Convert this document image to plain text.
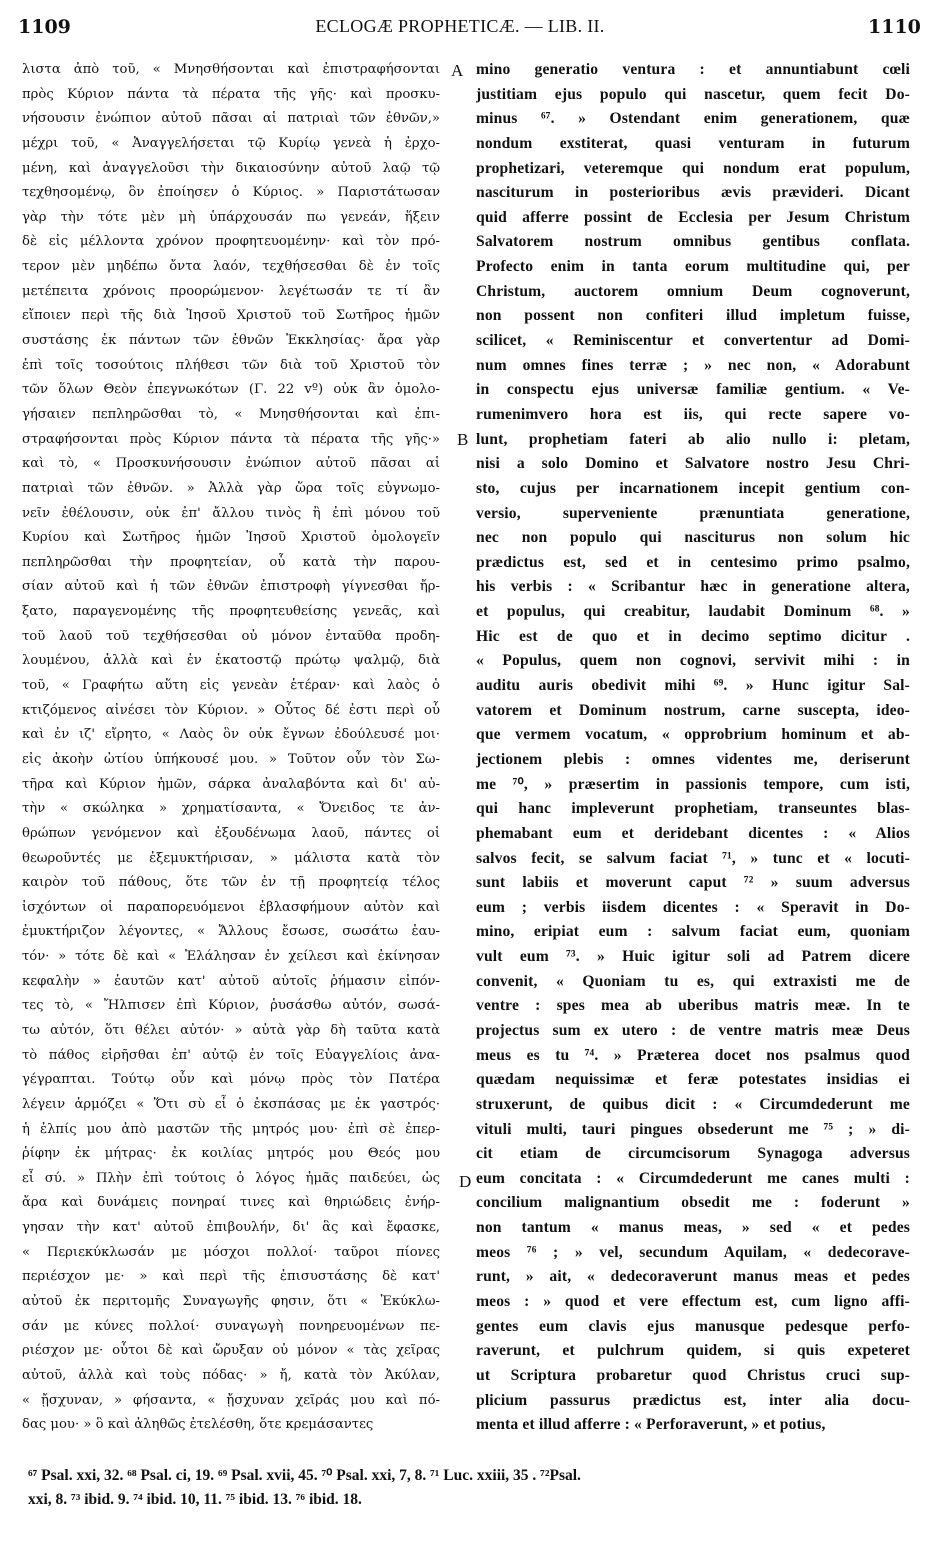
1109	ECLOGÆ PROPHETICÆ. — LIB. II.	1110
λιστα ἀπὸ τοῦ, « Μνησθήσονται καὶ ἐπιστραφήσονται
πρὸς Κύριον πάντα τὰ πέρατα τῆς γῆς· καὶ προσκυ-
νήσουσιν ἐνώπιον αὐτοῦ πᾶσαι αἱ πατριαὶ τῶν ἐθνῶν,»
μέχρι τοῦ, « Ἀναγγελήσεται τῷ Κυρίῳ γενεὰ ἡ ἐρχο-
μένη, καὶ ἀναγγελοῦσι τὴν δικαιοσύνην αὐτοῦ λαῷ τῷ
τεχθησομένῳ, ὃν ἐποίησεν ὁ Κύριος. » Παριστάτωσαν
γὰρ τὴν τότε μὲν μὴ ὑπάρχουσάν πω γενεάν, ἥξειν
δὲ εἰς μέλλοντα χρόνον προφητευομένην· καὶ τὸν πρό-
τερον μὲν μηδέπω ὄντα λαόν, τεχθήσεσθαι δὲ ἐν τοῖς
μετέπειτα χρόνοις προορώμενον· λεγέτωσάν τε τί ἂν
εἴποιεν περὶ τῆς διὰ Ἰησοῦ Χριστοῦ τοῦ Σωτῆρος ἡμῶν
συστάσης ἐκ πάντων τῶν ἐθνῶν Ἐκκλησίας· ἄρα γὰρ
ἐπὶ τοῖς τοσούτοις πλήθεσι τῶν διὰ τοῦ Χριστοῦ τὸν
τῶν ὅλων Θεὸν ἐπεγνωκότων (Γ. 22 vº) οὐκ ἂν ὁμολο-
γήσαιεν πεπληρῶσθαι τὸ, « Μνησθήσονται καὶ ἐπι-
στραφήσονται πρὸς Κύριον πάντα τὰ πέρατα τῆς γῆς·»
καὶ τὸ, « Προσκυνήσουσιν ἐνώπιον αὐτοῦ πᾶσαι αἱ
πατριαὶ τῶν ἐθνῶν. » Ἀλλὰ γὰρ ὥρα τοῖς εὐγνωμο-
νεῖν ἐθέλουσιν, οὐκ ἐπ' ἄλλου τινὸς ἢ ἐπὶ μόνου τοῦ
Κυρίου καὶ Σωτῆρος ἡμῶν Ἰησοῦ Χριστοῦ ὁμολογεῖν
πεπληρῶσθαι τὴν προφητείαν, οὗ κατὰ τὴν παρου-
σίαν αὐτοῦ καὶ ἡ τῶν ἐθνῶν ἐπιστροφὴ γίγνεσθαι ἤρ-
ξατο, παραγενομένης τῆς προφητευθείσης γενεᾶς, καὶ
τοῦ λαοῦ τοῦ τεχθήσεσθαι οὐ μόνον ἐνταῦθα προδη-
λουμένου, ἀλλὰ καὶ ἐν ἑκατοστῷ πρώτῳ ψαλμῷ, διὰ
τοῦ, « Γραφήτω αὕτη εἰς γενεὰν ἑτέραν· καὶ λαὸς ὁ
κτιζόμενος αἰνέσει τὸν Κύριον. » Οὗτος δέ ἐστι περὶ οὗ
καὶ ἐν ιζ' εἴρητο, « Λαὸς ὃν οὐκ ἔγνων ἐδούλευσέ μοι·
εἰς ἀκοὴν ὠτίου ὑπήκουσέ μου. » Τοῦτον οὖν τὸν Σω-
τῆρα καὶ Κύριον ἡμῶν, σάρκα ἀναλαβόντα καὶ δι' αὐ-
τὴν « σκώληκα » χρηματίσαντα, « Ὄνειδος τε ἀν-
θρώπων γενόμενον καὶ ἐξουδένωμα λαοῦ, πάντες οἱ
θεωροῦντές με ἐξεμυκτήρισαν, » μάλιστα κατὰ τὸν
καιρὸν τοῦ πάθους, ὅτε τῶν ἐν τῇ προφητείᾳ τέλος
ἰσχόντων οἱ παραπορευόμενοι ἐβλασφήμουν αὐτὸν καὶ
ἐμυκτήριζον λέγοντες, « Ἄλλους ἔσωσε, σωσάτω ἑαυ-
τόν· » τότε δὲ καὶ « Ἐλάλησαν ἐν χείλεσι καὶ ἐκίνησαν
κεφαλὴν » ἑαυτῶν κατ' αὐτοῦ αὐτοῖς ῥήμασιν εἰπόν-
τες τὸ, « Ἤλπισεν ἐπὶ Κύριον, ῥυσάσθω αὐτόν, σωσά-
τω αὐτόν, ὅτι θέλει αὐτόν· » αὐτὰ γὰρ δὴ ταῦτα κατὰ
τὸ πάθος εἰρῆσθαι ἐπ' αὐτῷ ἐν τοῖς Εὐαγγελίοις ἀνα-
γέγραπται. Τούτῳ οὖν καὶ μόνῳ πρὸς τὸν Πατέρα
λέγειν ἁρμόζει « Ὅτι σὺ εἶ ὁ ἐκσπάσας με ἐκ γαστρός·
ἡ ἐλπίς μου ἀπὸ μαστῶν τῆς μητρός μου· ἐπὶ σὲ ἐπερ-
ῥίφην ἐκ μήτρας· ἐκ κοιλίας μητρός μου Θεός μου
εἶ σύ. » Πλὴν ἐπὶ τούτοις ὁ λόγος ἡμᾶς παιδεύει, ὡς
ἄρα καὶ δυνάμεις πονηραί τινες καὶ θηριώδεις ἐνήρ-
γησαν τὴν κατ' αὐτοῦ ἐπιβουλήν, δι' ἃς καὶ ἔφασκε,
« Περιεκύκλωσάν με μόσχοι πολλοί· ταῦροι πίονες
περιέσχον με· » καὶ περὶ τῆς ἐπισυστάσης δὲ κατ'
αὐτοῦ ἐκ περιτομῆς Συναγωγῆς φησιν, ὅτι « Ἐκύκλω-
σάν με κύνες πολλοί· συναγωγὴ πονηρευομένων πε-
ριέσχον με· οὗτοι δὲ καὶ ὤρυξαν οὐ μόνον « τὰς χεῖρας
αὐτοῦ, ἀλλὰ καὶ τοὺς πόδας· » ἤ, κατὰ τὸν Ἀκύλαν,
« ᾔσχυναν, » φήσαντα, « ᾔσχυναν χεῖράς μου καὶ πό-
δας μου· » ὃ καὶ ἀληθῶς ἐτελέσθη, ὅτε κρεμάσαντες
mino generatio ventura : et annuntiabunt cœli
justitiam ejus populo qui nascetur, quem fecit Do-
minus ⁶⁷. » Ostendant enim generationem, quæ
nondum exstiterat, quasi venturam in futurum
prophetizari, veteremque qui nondum erat populum,
nasciturum in posterioribus ævis prævideri. Dicant
quid afferre possint de Ecclesia per Jesum Christum
Salvatorem nostrum omnibus gentibus conflata.
Profecto enim in tanta eorum multitudine qui, per
Christum, auctorem omnium Deum cognoverunt,
non possent non confiteri illud impletum fuisse,
scilicet, « Reminiscentur et convertentur ad Domi-
num omnes fines terræ ; » nec non, « Adorabunt
in conspectu ejus universæ familiæ gentium. « Ve-
rumenimvero hora est iis, qui recte sapere vo-
lunt, prophetiam fateri ab alio nullo i: pletam,
nisi a solo Domino et Salvatore nostro Jesu Chri-
sto, cujus per incarnationem incepit gentium con-
versio, superveniente prænuntiata generatione,
nec non populo qui nasciturus non solum hic
prædictus est, sed et in centesimo primo psalmo,
his verbis : « Scribantur hæc in generatione altera,
et populus, qui creabitur, laudabit Dominum ⁶⁸. »
Hic est de quo et in decimo septimo dicitur .
« Populus, quem non cognovi, servivit mihi : in
auditu auris obedivit mihi ⁶⁹. » Hunc igitur Sal-
vatorem et Dominum nostrum, carne suscepta, ideo-
que vermem vocatum, « opprobrium hominum et ab-
jectionem plebis : omnes videntes me, deriserunt
me ⁷⁰, » præsertim in passionis tempore, cum isti,
qui hanc impleverunt prophetiam, transeuntes blas-
phemabant eum et deridebant dicentes : « Alios
salvos fecit, se salvum faciat ⁷¹, » tunc et « locuti-
sunt labiis et moverunt caput ⁷² » suum adversus
eum ; verbis iisdem dicentes : « Speravit in Do-
mino, eripiat eum : salvum faciat eum, quoniam
vult eum ⁷³. » Huic igitur soli ad Patrem dicere
convenit, « Quoniam tu es, qui extraxisti me de
ventre : spes mea ab uberibus matris meæ. In te
projectus sum ex utero : de ventre matris meæ Deus
meus es tu ⁷⁴. » Præterea docet nos psalmus quod
quædam nequissimæ et feræ potestates insidias ei
struxerunt, de quibus dicit : « Circumdederunt me
vituli multi, tauri pingues obsederunt me ⁷⁵ ; » di-
cit etiam de circumcisorum Synagoga adversus
eum concitata : « Circumdederunt me canes multi :
concilium malignantium obsedit me : foderunt »
non tantum « manus meas, » sed « et pedes
meos ⁷⁶ ; » vel, secundum Aquilam, « dedecorave-
runt, » ait, « dedecoraverunt manus meas et pedes
meos : » quod et vere effectum est, cum ligno affi-
gentes eum clavis ejus manusque pedesque perfo-
raverunt, et pulchrum quidem, si quis expeteret
ut Scriptura probaretur quod Christus cruci sup-
plicium passurus prædictus est, inter alia docu-
menta et illud afferre : « Perforaverunt, » et potius,
A
B
D
⁶⁷ Psal. xxi, 32. ⁶⁸ Psal. ci, 19. ⁶⁹ Psal. xvii, 45. ⁷⁰ Psal. xxi, 7, 8. ⁷¹ Luc. xxiii, 35 . ⁷²Psal.
xxi, 8. ⁷³ ibid. 9. ⁷⁴ ibid. 10, 11. ⁷⁵ ibid. 13. ⁷⁶ ibid. 18.
